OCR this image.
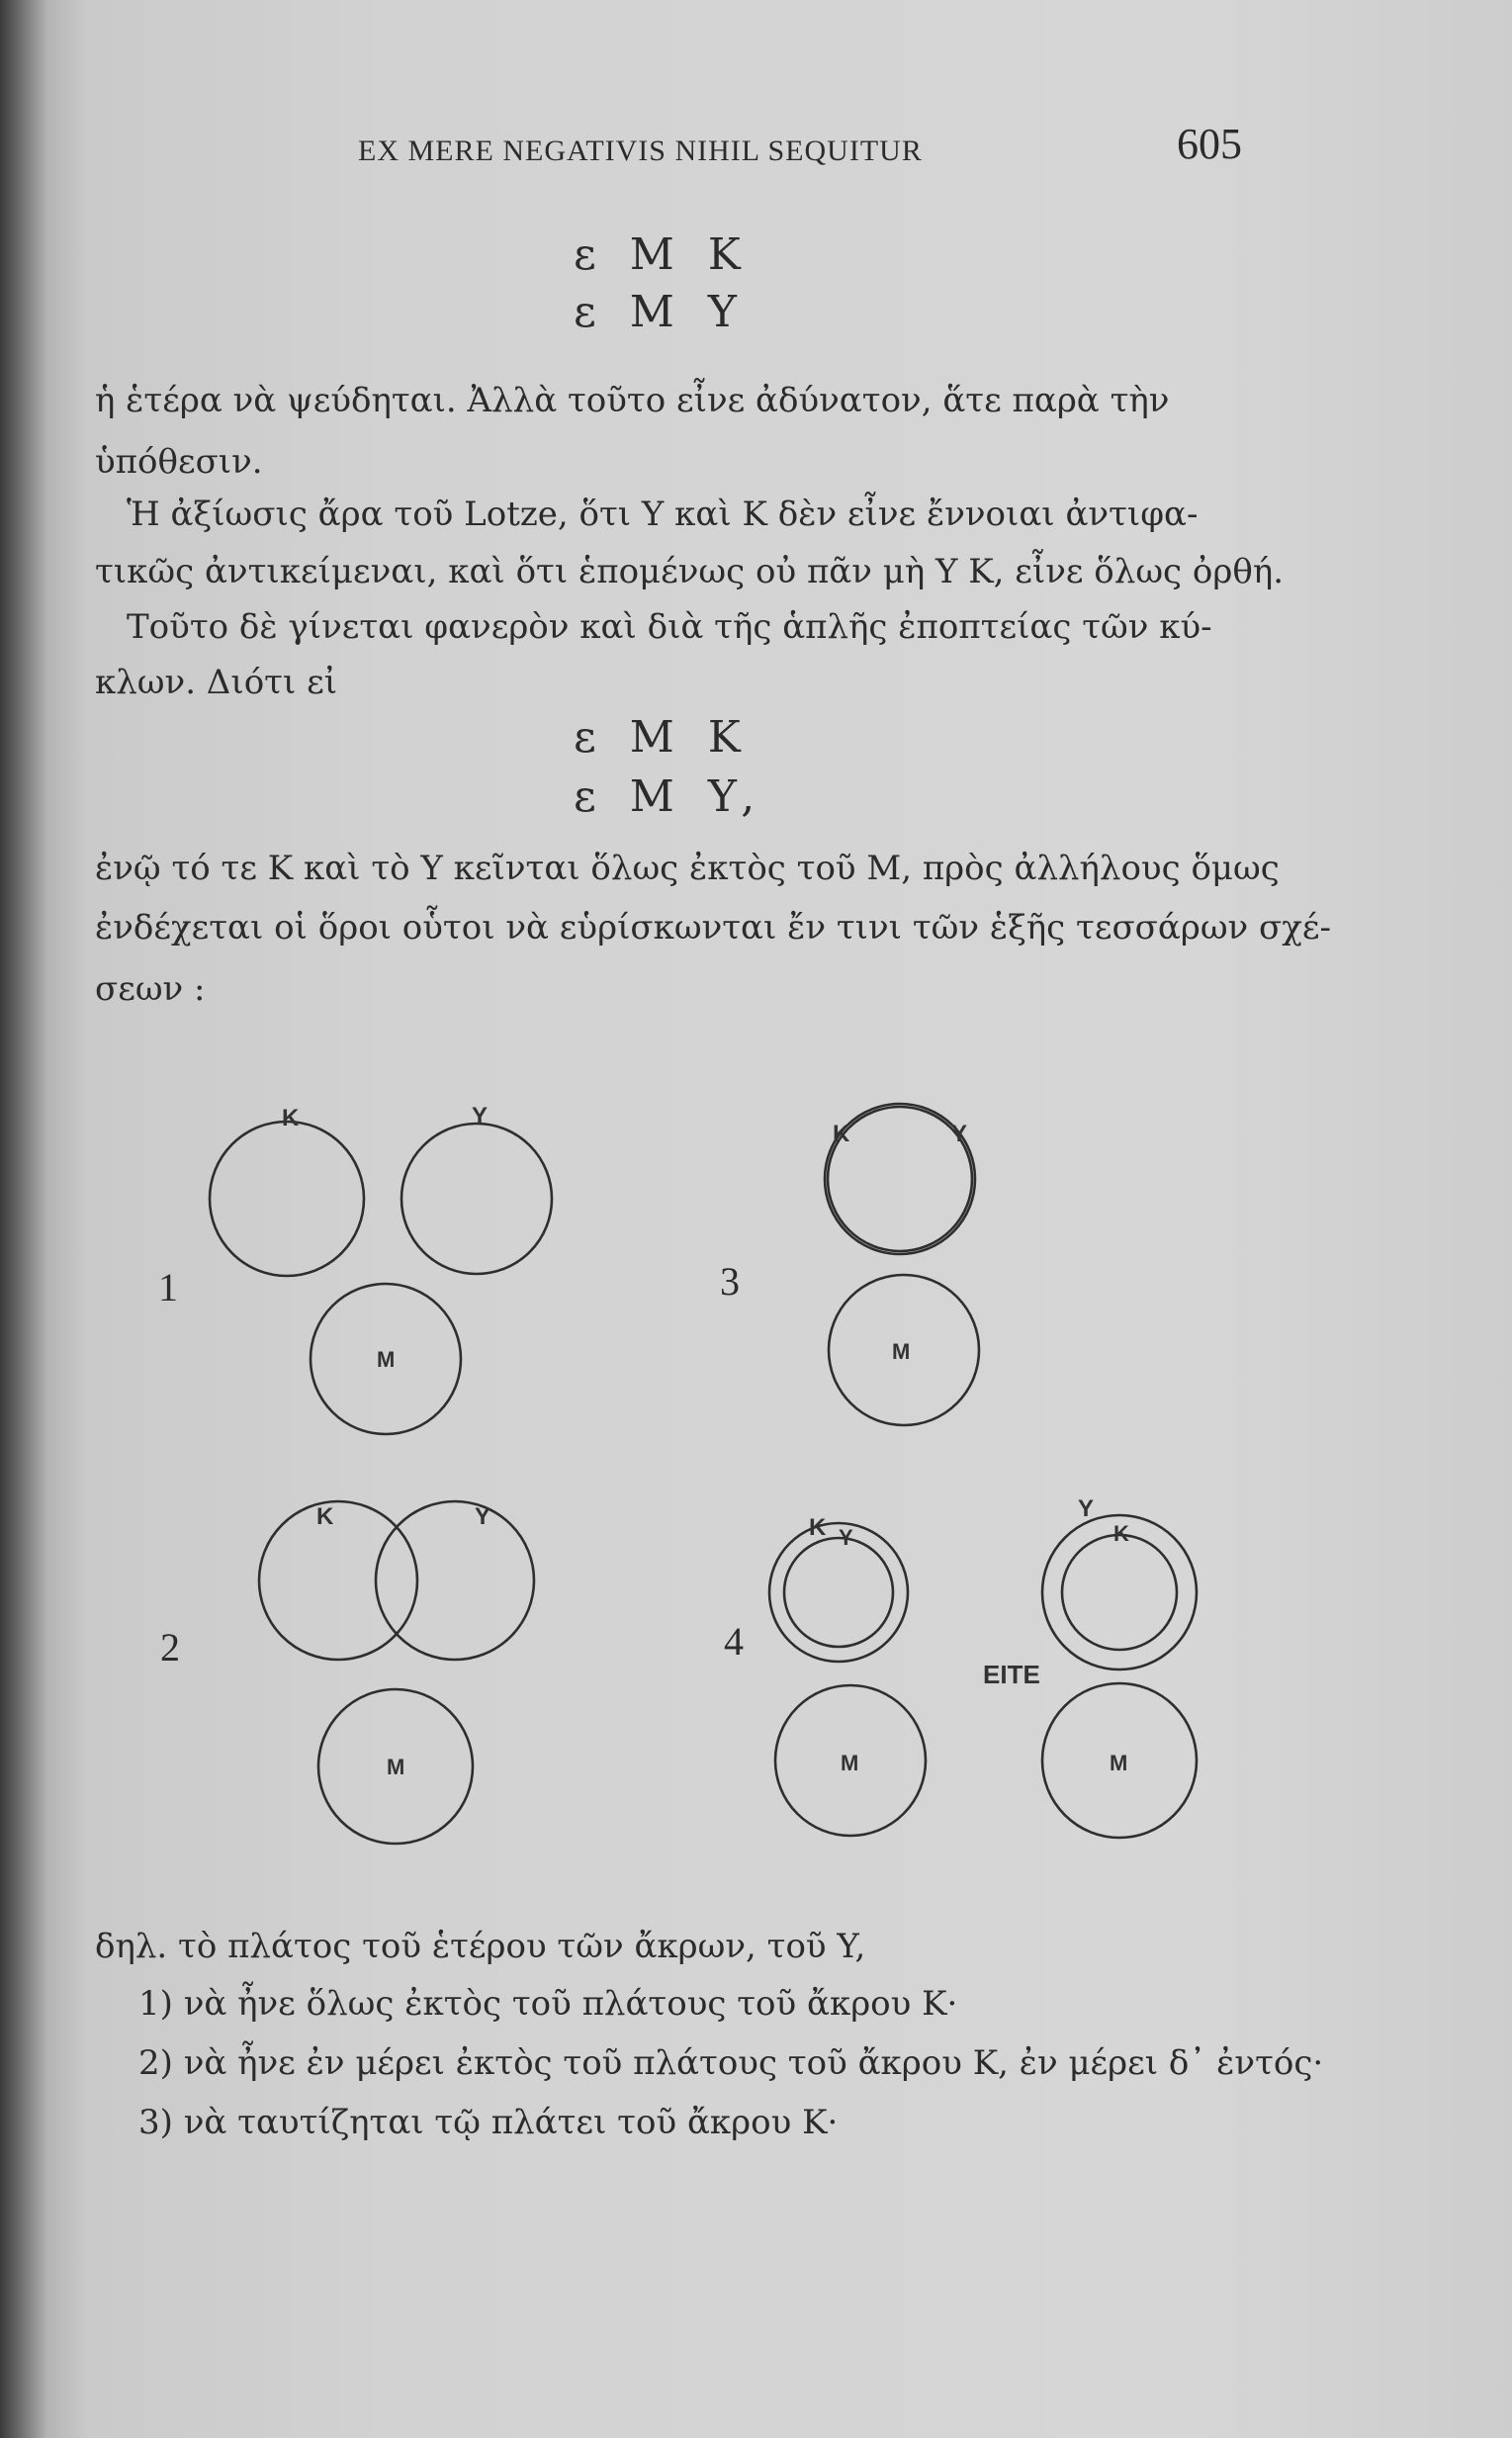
EX MERE NEGATIVIS NIHIL SEQUITUR	605
ε M K
ε M Y
ἡ ἑτέρα νὰ ψεύδηται. Ἀλλὰ τοῦτο εἶνε ἀδύνατον, ἅτε παρὰ τὴν
ὑπόθεσιν.
Ἡ ἀξίωσις ἄρα τοῦ Lotze, ὅτι Y καὶ K δὲν εἶνε ἔννοιαι ἀντιφα-
τικῶς ἀντικείμεναι, καὶ ὅτι ἑπομένως οὐ πᾶν μὴ Y K, εἶνε ὅλως ὀρθή.
Τοῦτο δὲ γίνεται φανερὸν καὶ διὰ τῆς ἁπλῆς ἐποπτείας τῶν κύ-
κλων. Διότι εἰ
ε M K
ε M Y,
ἐνῷ τό τε K καὶ τὸ Y κεῖνται ὅλως ἐκτὸς τοῦ M, πρὸς ἀλλήλους ὅμως
ἐνδέχεται οἱ ὅροι οὗτοι νὰ εὑρίσκωνται ἔν τινι τῶν ἑξῆς τεσσάρων σχέ-
σεων :
K	Y
M
K	Y
M
K	Y
M
K Y
M
Y
K
M
ΕΙΤΕ
1
2
3
4
δηλ. τὸ πλάτος τοῦ ἑτέρου τῶν ἄκρων, τοῦ Y,
1) νὰ ἦνε ὅλως ἐκτὸς τοῦ πλάτους τοῦ ἄκρου K·
2) νὰ ἦνε ἐν μέρει ἐκτὸς τοῦ πλάτους τοῦ ἄκρου K, ἐν μέρει δ᾽ ἐντός·
3) νὰ ταυτίζηται τῷ πλάτει τοῦ ἄκρου K·
